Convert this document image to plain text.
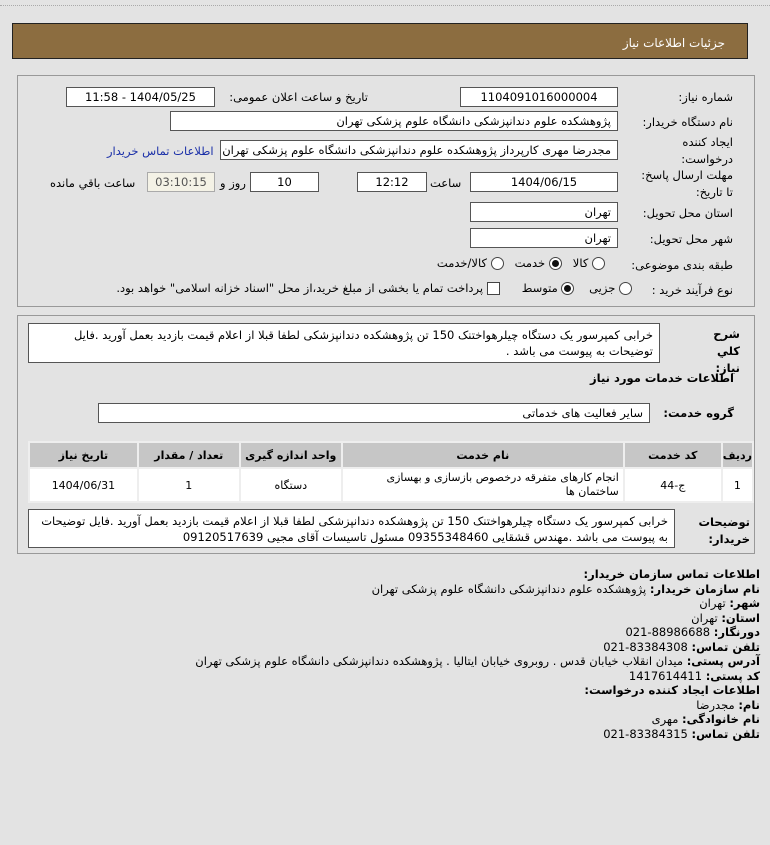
جزئیات اطلاعات نیاز
شماره نیاز:
1104091016000004
تاریخ و ساعت اعلان عمومی:
1404/05/25 - 11:58
نام دستگاه خریدار:
پژوهشکده علوم دندانپزشکی دانشگاه علوم پزشکی تهران
ایجاد کننده درخواست:
مجدرضا مهری کارپرداز پژوهشکده علوم دندانپزشکی دانشگاه علوم پزشکی تهران
اطلاعات تماس خریدار
مهلت ارسال پاسخ: تا تاریخ:
1404/06/15
ساعت
12:12
10
روز و
03:10:15
ساعت باقي مانده
استان محل تحویل:
تهران
شهر محل تحویل:
تهران
طبقه بندی موضوعی:
کالا    خدمت    کالا/خدمت
نوع فرآیند خرید :
جزیی     متوسط       پرداخت تمام یا بخشی از مبلغ خرید،از محل "اسناد خزانه اسلامی" خواهد بود.
شرح کلي نیاز:
خرابی کمپرسور یک دستگاه چیلرهواختنک 150 تن پژوهشکده دندانپزشکی لطفا قبلا از اعلام قیمت بازدید بعمل آورید .فایل توضیحات به پیوست می باشد .
اطلاعات خدمات مورد نیاز
گروه خدمت:
سایر فعالیت های خدماتی
ردیف	کد خدمت	نام خدمت	واحد اندازه گیری	تعداد / مقدار	تاریخ نیاز
1	ج-44	انجام کارهای متفرقه درخصوص بازسازی و بهسازی ساختمان ها	دستگاه	1	1404/06/31
توضیحات خریدار:
خرابی کمپرسور یک دستگاه چیلرهواختنک 150 تن پژوهشکده دندانپزشکی لطفا قبلا از اعلام قیمت بازدید بعمل آورید .فایل توضیحات به پیوست می باشد .مهندس قشقایی 09355348460 مسئول تاسیسات آقای مجیی 09120517639
اطلاعات تماس سازمان خریدار:
نام سازمان خریدار: پژوهشکده علوم دندانپزشکی دانشگاه علوم پزشکی تهران
شهر: تهران
استان: تهران
دورنگار: 88986688-021
تلفن تماس: 83384308-021
آدرس پستی: میدان انقلاب خیابان قدس . روبروی خیابان ایتالیا . پژوهشکده دندانپزشکی دانشگاه علوم پزشکی تهران
کد پستی: 1417614411
اطلاعات ایجاد کننده درخواست:
نام: مجدرضا
نام خانوادگی: مهری
تلفن تماس: 83384315-021
